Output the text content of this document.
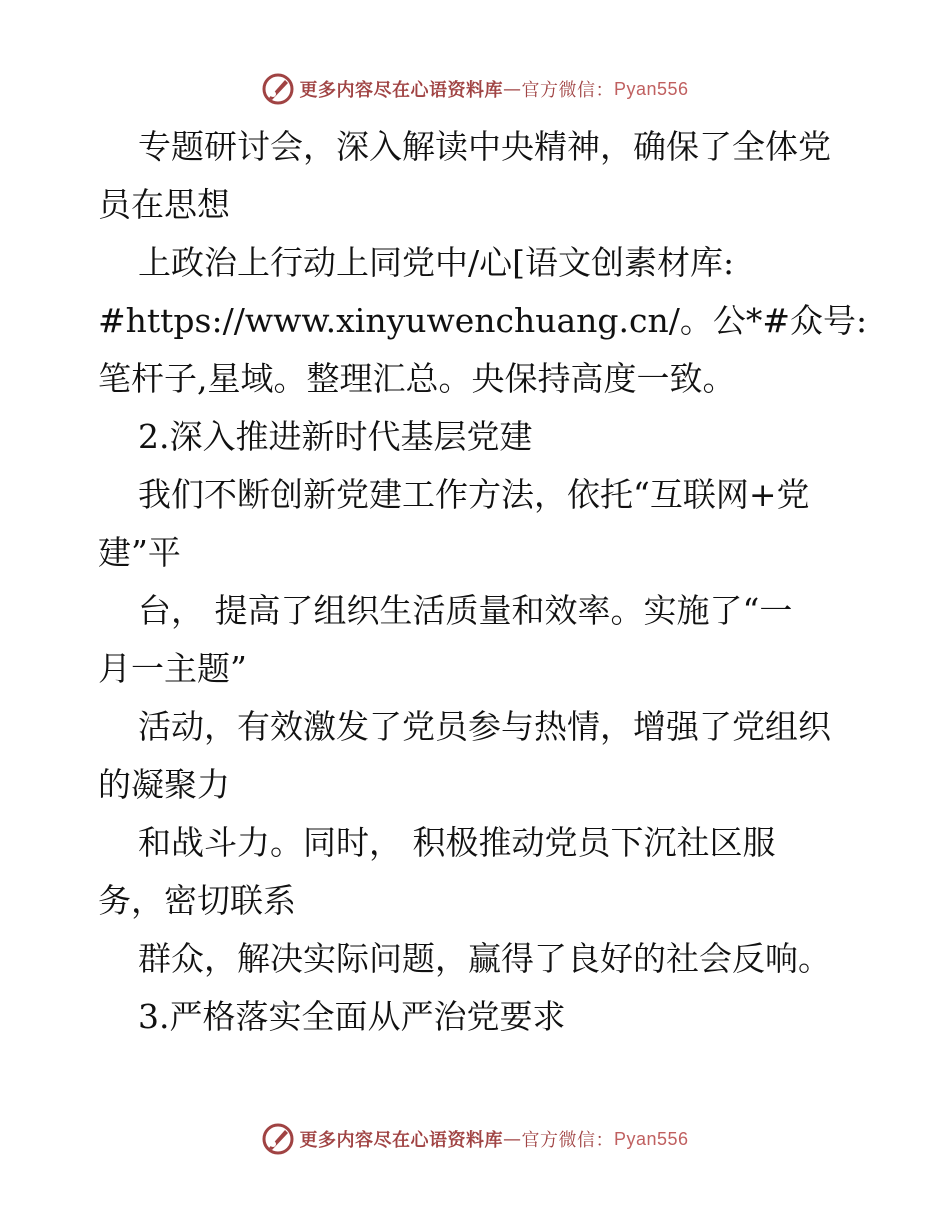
更多内容尽在心语资料库 — 官方微信： Pyan556

专题研讨会，深入解读中央精神，确保了全体党

员在思想

上政治上行动上同党中/心[语文创素材库:

#https://www.xinyuwenchuang.cn/。公*#众号:

笔杆子,星域。整理汇总。央保持高度一致。

2.深入推进新时代基层党建

我们不断创新党建工作方法，依托“互联网+党

建”平

台， 提高了组织生活质量和效率。实施了“一

月一主题”

活动，有效激发了党员参与热情，增强了党组织

的凝聚力

和战斗力。同时， 积极推动党员下沉社区服

务，密切联系

群众，解决实际问题，赢得了良好的社会反响。

3.严格落实全面从严治党要求

更多内容尽在心语资料库 — 官方微信： Pyan556
